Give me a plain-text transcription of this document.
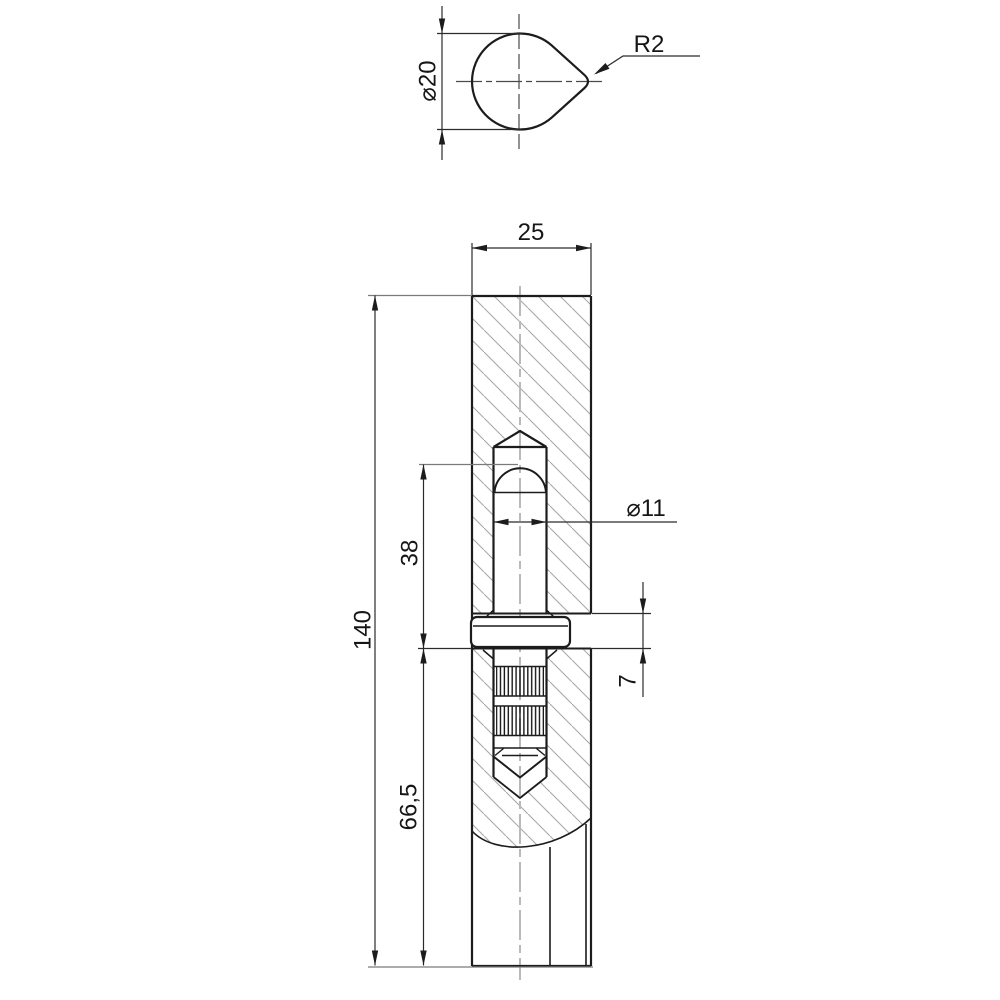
⌀20
R2
25
140
38
66,5
7
⌀11
